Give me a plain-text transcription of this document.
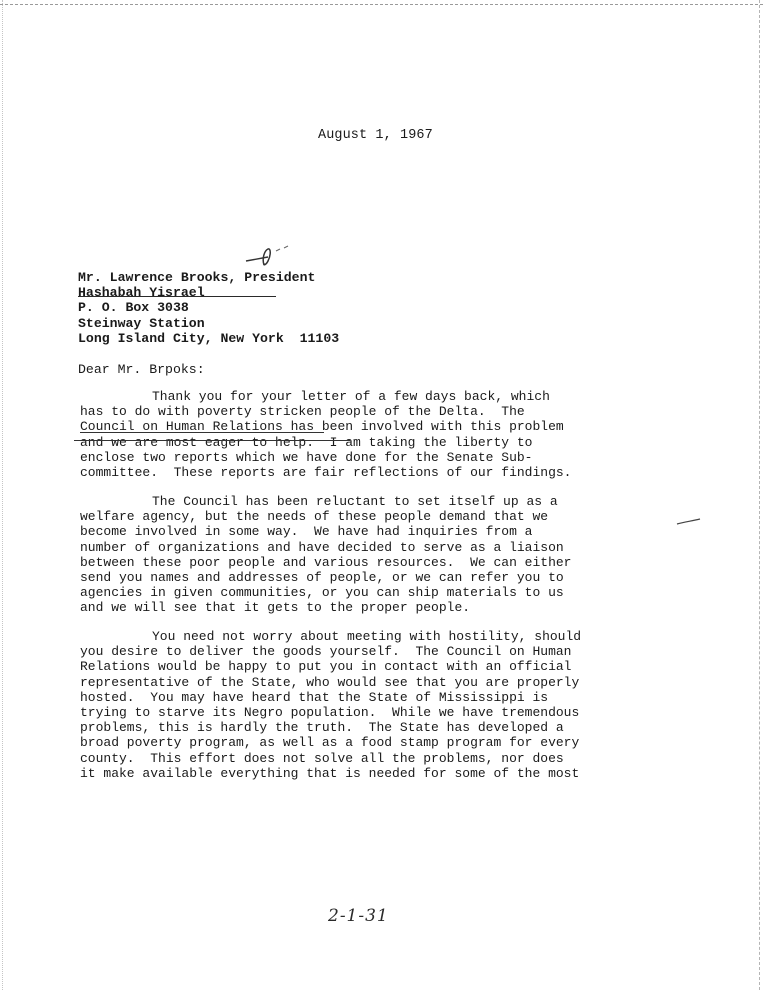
August 1, 1967
Mr. Lawrence Brooks, President
Hashabah Yisrael
P. O. Box 3038
Steinway Station
Long Island City, New York  11103
Dear Mr. Brpoks:
Thank you for your letter of a few days back, which
has to do with poverty stricken people of the Delta.  The
Council on Human Relations has been involved with this problem
and we are most eager to help.  I am taking the liberty to
enclose two reports which we have done for the Senate Sub-
committee.  These reports are fair reflections of our findings.
The Council has been reluctant to set itself up as a
welfare agency, but the needs of these people demand that we
become involved in some way.  We have had inquiries from a
number of organizations and have decided to serve as a liaison
between these poor people and various resources.  We can either
send you names and addresses of people, or we can refer you to
agencies in given communities, or you can ship materials to us
and we will see that it gets to the proper people.
You need not worry about meeting with hostility, should
you desire to deliver the goods yourself.  The Council on Human
Relations would be happy to put you in contact with an official
representative of the State, who would see that you are properly
hosted.  You may have heard that the State of Mississippi is
trying to starve its Negro population.  While we have tremendous
problems, this is hardly the truth.  The State has developed a
broad poverty program, as well as a food stamp program for every
county.  This effort does not solve all the problems, nor does
it make available everything that is needed for some of the most
2-1-31
